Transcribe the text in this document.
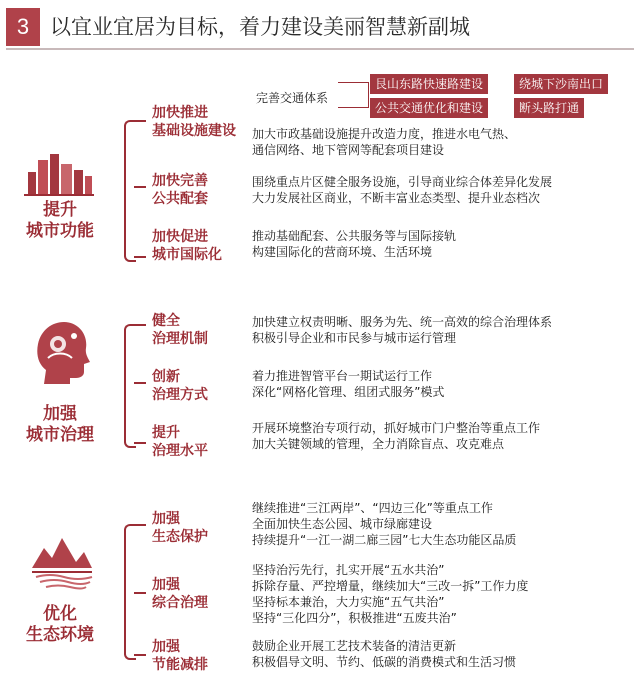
3 以宜业宜居为目标，着力建设美丽智慧新副城
提升
城市功能
加快推进
基础设施建设
完善交通体系
艮山东路快速路建设	绕城下沙南出口
公共交通优化和建设	断头路打通
加大市政基础设施提升改造力度，推进水电气热、
通信网络、地下管网等配套项目建设
加快完善
公共配套
围绕重点片区健全服务设施，引导商业综合体差异化发展
大力发展社区商业，不断丰富业态类型、提升业态档次
加快促进
城市国际化
推动基础配套、公共服务等与国际接轨
构建国际化的营商环境、生活环境
加强
城市治理
健全
治理机制
加快建立权责明晰、服务为先、统一高效的综合治理体系
积极引导企业和市民参与城市运行管理
创新
治理方式
着力推进智管平台一期试运行工作
深化“网格化管理、组团式服务”模式
提升
治理水平
开展环境整治专项行动，抓好城市门户整治等重点工作
加大关键领域的管理，全力消除盲点、攻克难点
优化
生态环境
加强
生态保护
继续推进“三江两岸”、“四边三化”等重点工作
全面加快生态公园、城市绿廊建设
持续提升“一江一湖二廊三园”七大生态功能区品质
加强
综合治理
坚持治污先行，扎实开展“五水共治”
拆除存量、严控增量，继续加大“三改一拆”工作力度
坚持标本兼治，大力实施“五气共治”
坚持“三化四分”，积极推进“五废共治”
加强
节能减排
鼓励企业开展工艺技术装备的清洁更新
积极倡导文明、节约、低碳的消费模式和生活习惯
